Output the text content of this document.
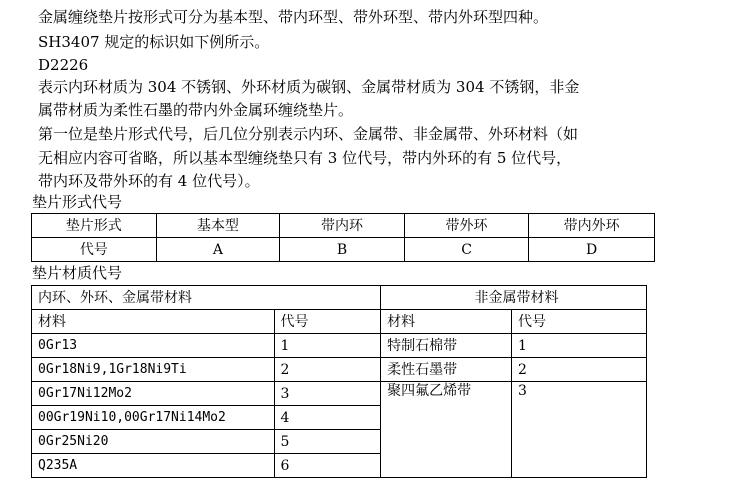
金属缠绕垫片按形式可分为基本型、带内环型、带外环型、带内外环型四种。
SH3407 规定的标识如下例所示。
D2226
表示内环材质为 304 不锈钢、外环材质为碳钢、金属带材质为 304 不锈钢，非金
属带材质为柔性石墨的带内外金属环缠绕垫片。
第一位是垫片形式代号，后几位分别表示内环、金属带、非金属带、外环材料（如
无相应内容可省略，所以基本型缠绕垫只有 3 位代号，带内外环的有 5 位代号，
带内环及带外环的有 4 位代号）。
垫片形式代号
垫片形式	基本型	带内环	带外环	带内外环
代号	A	B	C	D
垫片材质代号
内环、外环、金属带材料		非金属带材料	
材料	代号	材料	代号
0Gr13	1	特制石棉带	1
0Gr18Ni9,1Gr18Ni9Ti	2	柔性石墨带	2
0Gr17Ni12Mo2	3	聚四氟乙烯带	3
00Gr19Ni10,00Gr17Ni14Mo2	4		
0Gr25Ni20	5		
Q235A	6		
